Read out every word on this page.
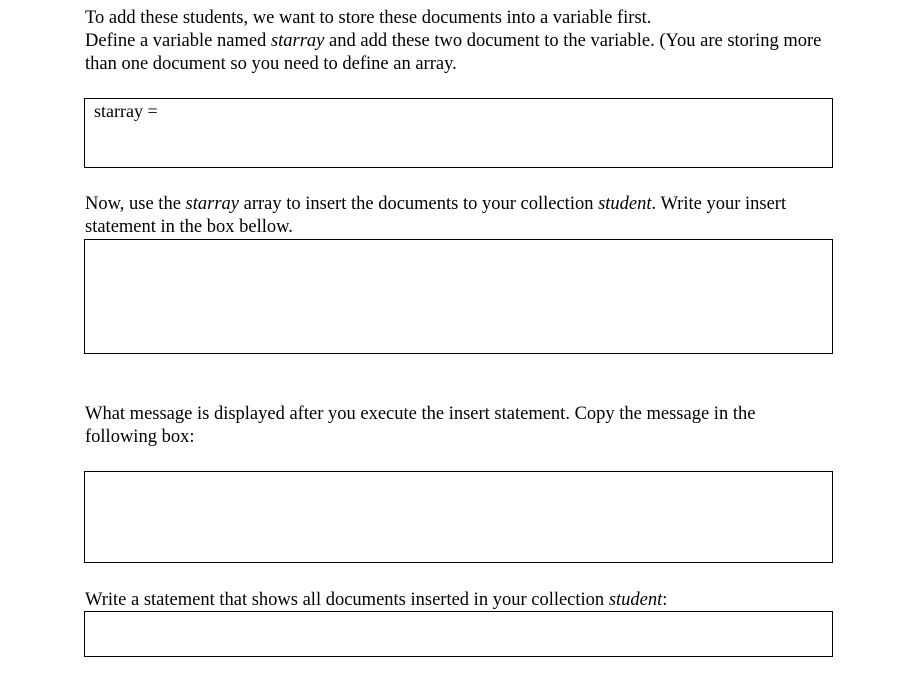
To add these students, we want to store these documents into a variable first.
Define a variable named starray and add these two document to the variable. (You are storing more than one document so you need to define an array.
starray =
Now, use the starray array to insert the documents to your collection student. Write your insert statement in the box bellow.
What message is displayed after you execute the insert statement. Copy the message in the following box:
Write a statement that shows all documents inserted in your collection student:
